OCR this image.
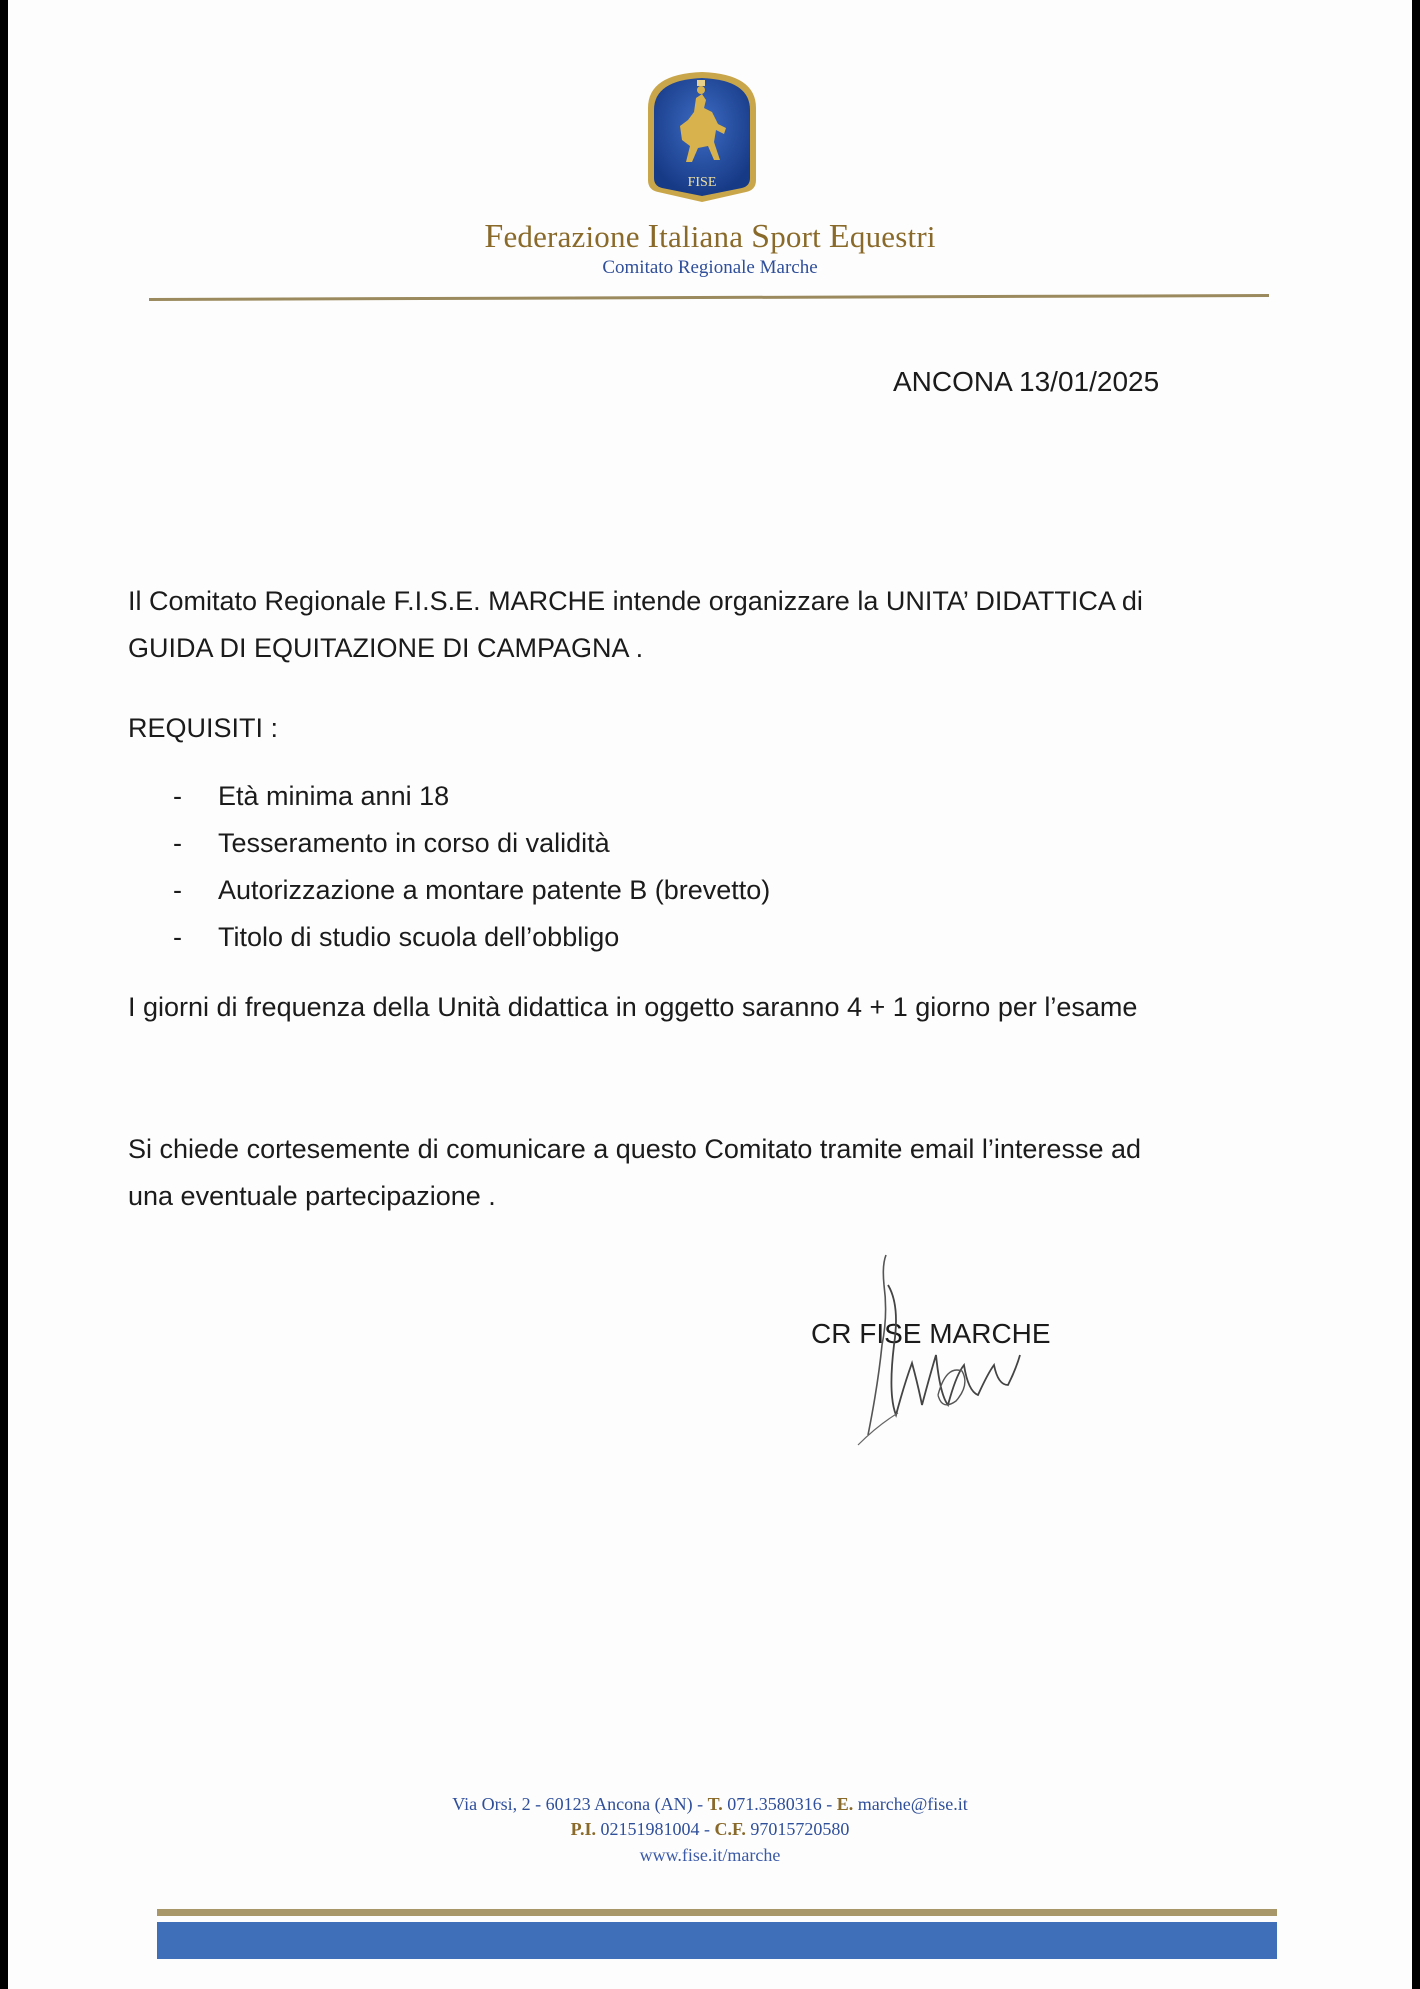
FISE
Federazione Italiana Sport Equestri
Comitato Regionale Marche
ANCONA 13/01/2025
Il Comitato Regionale F.I.S.E. MARCHE intende organizzare la UNITA’ DIDATTICA di
GUIDA DI EQUITAZIONE DI CAMPAGNA .
REQUISITI :
- Età minima anni 18
- Tesseramento in corso di validità
- Autorizzazione a montare patente B (brevetto)
- Titolo di studio scuola dell’obbligo
I giorni di frequenza della Unità didattica in oggetto saranno 4 + 1 giorno per l’esame
Si chiede cortesemente di comunicare a questo Comitato tramite email l’interesse ad
una eventuale partecipazione .
CR FISE MARCHE
Via Orsi, 2 - 60123 Ancona (AN) - T. 071.3580316 - E. marche@fise.it
P.I. 02151981004 - C.F. 97015720580
www.fise.it/marche
